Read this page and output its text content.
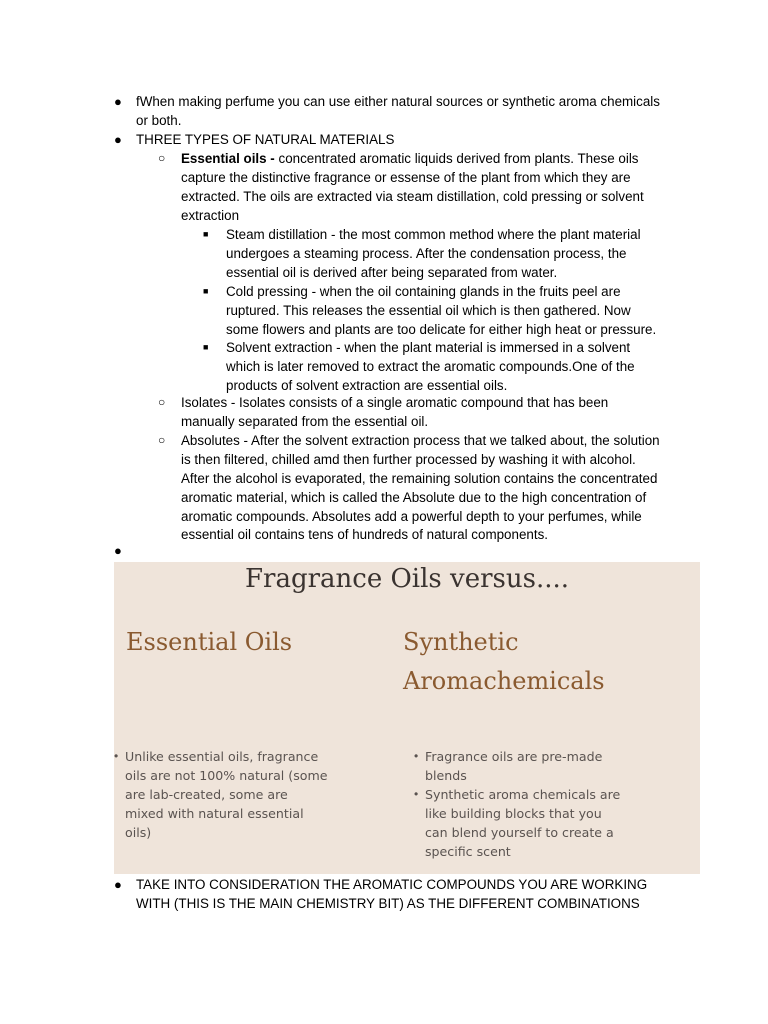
● fWhen making perfume you can use either natural sources or synthetic aroma chemicals
or both.
● THREE TYPES OF NATURAL MATERIALS
○ Essential oils - concentrated aromatic liquids derived from plants. These oils
capture the distinctive fragrance or essense of the plant from which they are
extracted. The oils are extracted via steam distillation, cold pressing or solvent
extraction
■ Steam distillation - the most common method where the plant material
undergoes a steaming process. After the condensation process, the
essential oil is derived after being separated from water.
■ Cold pressing - when the oil containing glands in the fruits peel are
ruptured. This releases the essential oil which is then gathered. Now
some flowers and plants are too delicate for either high heat or pressure.
■ Solvent extraction - when the plant material is immersed in a solvent
which is later removed to extract the aromatic compounds.One of the
products of solvent extraction are essential oils.
○ Isolates - Isolates consists of a single aromatic compound that has been
manually separated from the essential oil.
○ Absolutes - After the solvent extraction process that we talked about, the solution
is then filtered, chilled amd then further processed by washing it with alcohol.
After the alcohol is evaporated, the remaining solution contains the concentrated
aromatic material, which is called the Absolute due to the high concentration of
aromatic compounds. Absolutes add a powerful depth to your perfumes, while
essential oil contains tens of hundreds of natural components.
●
Fragrance Oils versus....
Essential Oils	Synthetic
Aromachemicals
• Unlike essential oils, fragrance
oils are not 100% natural (some
are lab-created, some are
mixed with natural essential
oils)
• Fragrance oils are pre-made
blends
• Synthetic aroma chemicals are
like building blocks that you
can blend yourself to create a
specific scent
● TAKE INTO CONSIDERATION THE AROMATIC COMPOUNDS YOU ARE WORKING
WITH (THIS IS THE MAIN CHEMISTRY BIT) AS THE DIFFERENT COMBINATIONS
